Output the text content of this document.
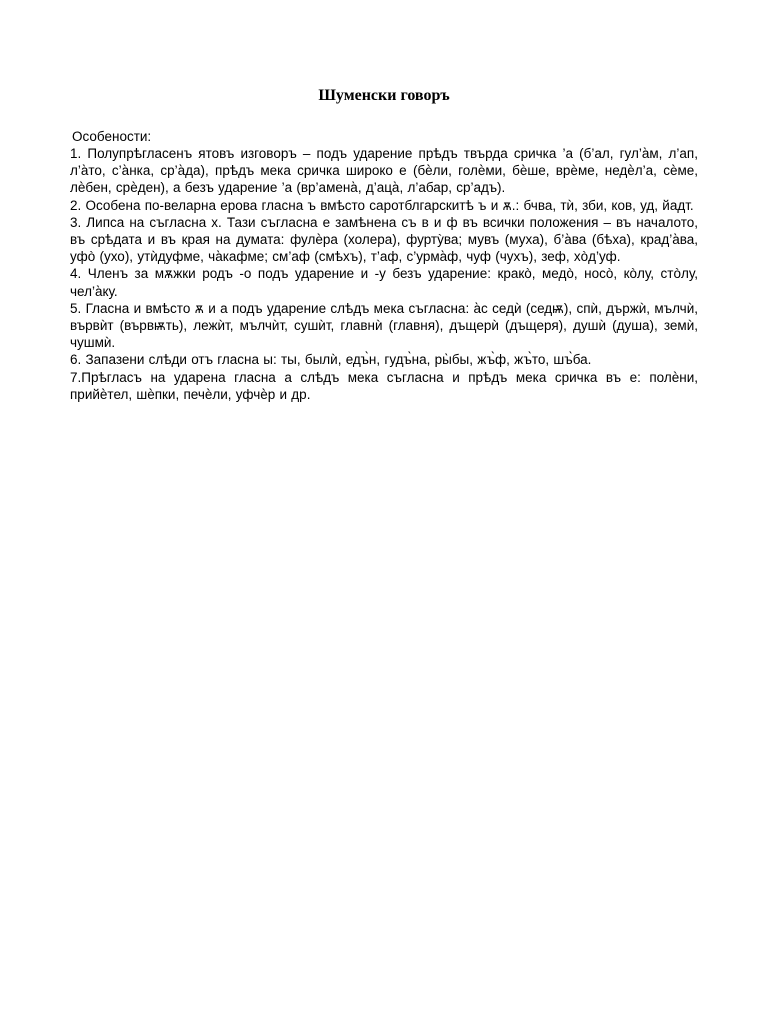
Шуменски говоръ

Особености:

1. Полупрѣгласенъ ятовъ изговоръ – подъ ударение прѣдъ твърда сричка ’а (б’ал, гул’а̀м, л’ап, л’а̀то, с’а̀нка, ср’а̀да), прѣдъ мека сричка широко е (бѐли, голѐми, бѐше, врѐме, недѐл’а, сѐме, лѐбен, срѐден), а безъ ударение ’а (вр’амена̀, д’аца̀, л’абар, ср’адъ).

2. Особена по-веларна ерова гласна ъ вмѣсто саротблгарскитѣ ъ и ѫ.: бчва, тѝ, зби, ков, уд, йадт.

3. Липса на съгласна х. Тази съгласна е замѣнена съ в и ф въ всички положения – въ началото, въ срѣдата и въ края на думата: фулѐра (холера), фуртỳва; мувъ (муха), б’а̀ва (бѣха), крад’а̀ва, уфò (ухо), утѝдуфме, ча̀кафме; см’аф (смѣхъ), т’аф, с’урма̀ф, чуф (чухъ), зеф, хòд’уф.

4. Членъ за мѫжки родъ -о подъ ударение и -у безъ ударение: кракò, медò, носò, кòлу, стòлу, чел’а̀ку.

5. Гласна и вмѣсто ѫ и а подъ ударение слѣдъ мека съгласна: а̀с седѝ (седѭ), спѝ, държѝ, мълчѝ, вървѝт (вървѭть), лежѝт, мълчѝт, сушѝт, главнѝ (главня), дъщерѝ (дъщеря), душѝ (душа), земѝ, чушмѝ.

6. Запазени слѣди отъ гласна ы: ты, былѝ, едъ̀н, гудъ̀на, ры̀бы, жъ̀ф, жъ̀то, шъ̀ба.

7.Прѣгласъ на ударена гласна а слѣдъ мека съгласна и прѣдъ мека сричка въ е: полѐни, прийѐтел, шѐпки, печѐли, уфчѐр и др.
